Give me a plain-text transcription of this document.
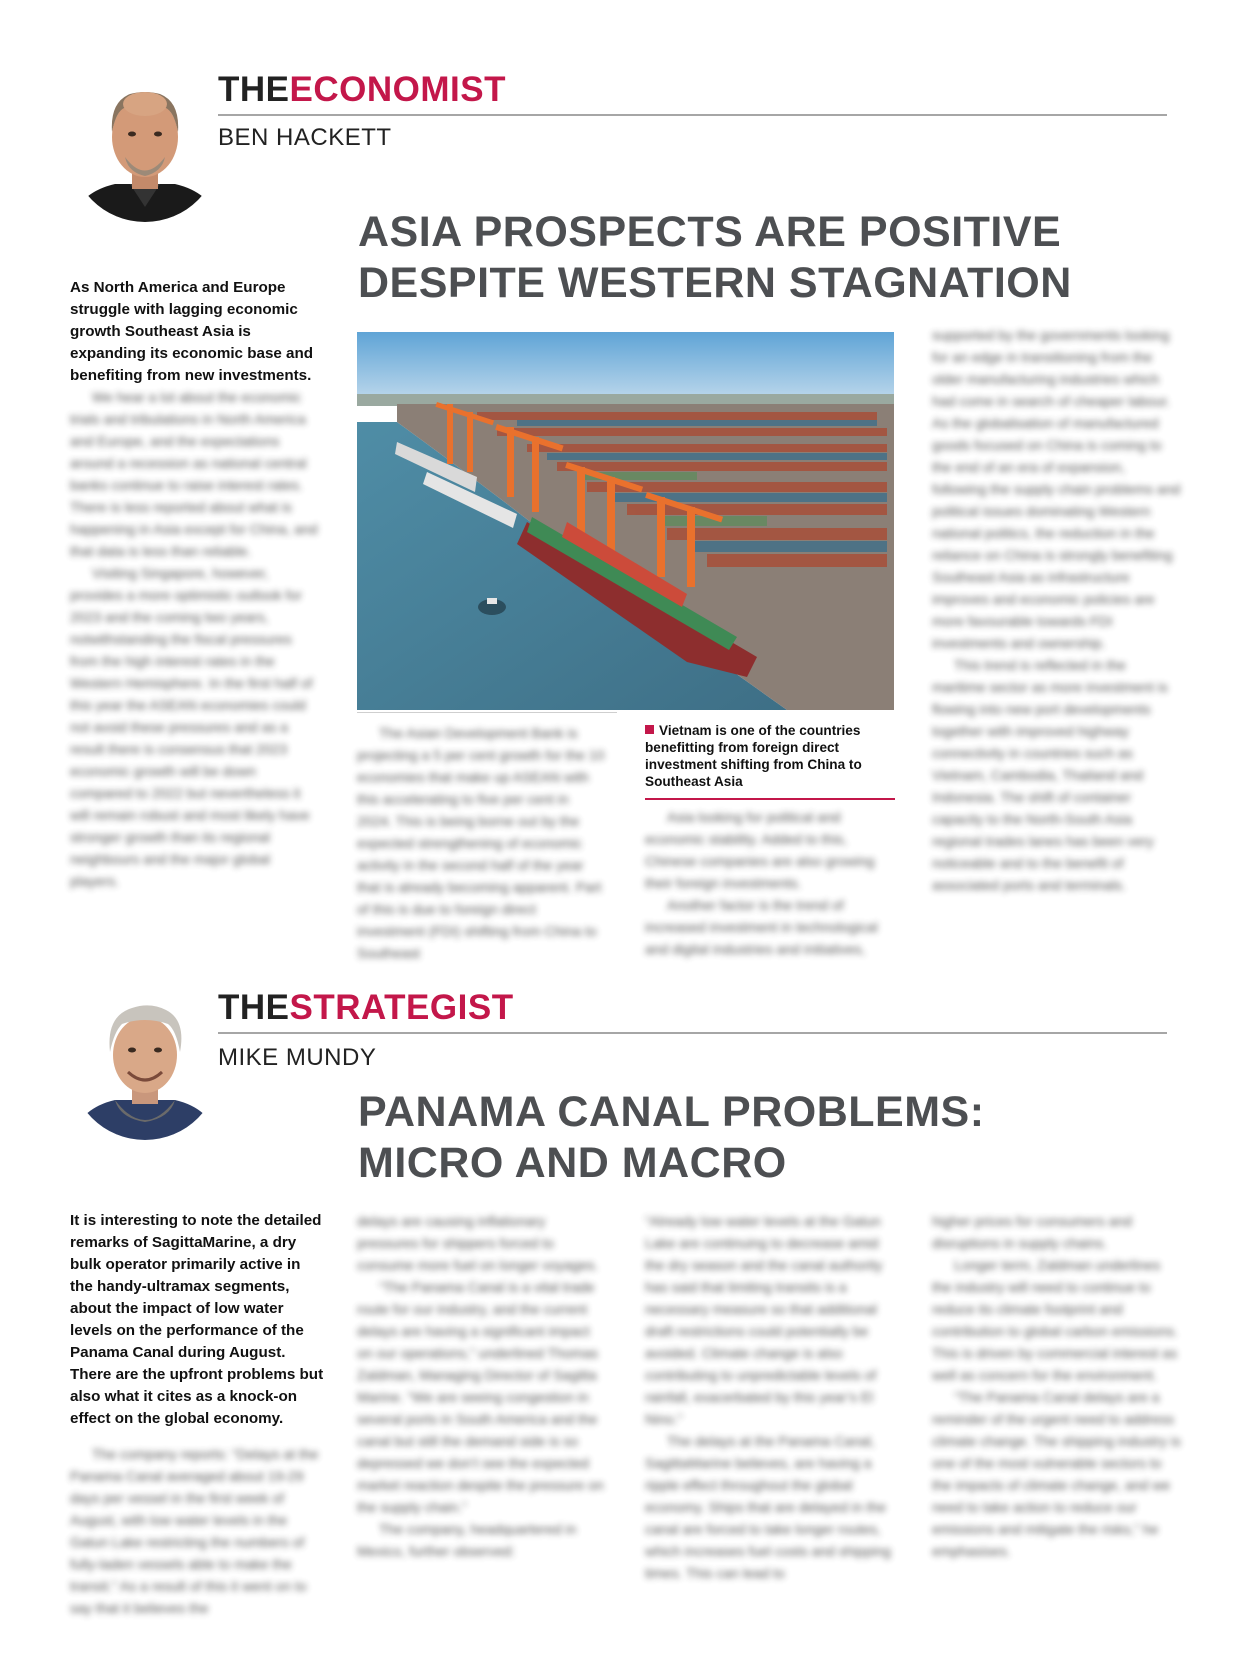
THEECONOMIST
BEN HACKETT
ASIA PROSPECTS ARE POSITIVE
DESPITE WESTERN STAGNATION
As North America and Europe struggle with lagging economic growth Southeast Asia is expanding its economic base and benefiting from new investments.

We hear a lot about the economic trials and tribulations in North America and Europe, and the expectations around a recession as national central banks continue to raise interest rates. There is less reported about what is happening in Asia except for China, and that data is less than reliable.

Visiting Singapore, however, provides a more optimistic outlook for 2023 and the coming two years, notwithstanding the fiscal pressures from the high interest rates in the Western Hemisphere. In the first half of this year the ASEAN economies could not avoid these pressures and as a result there is consensus that 2023 economic growth will be down compared to 2022 but nevertheless it will remain robust and most likely have stronger growth than its regional neighbours and the major global players.

Vietnam is one of the countries benefitting from foreign direct investment shifting from China to Southeast Asia

The Asian Development Bank is projecting a 5 per cent growth for the 10 economies that make up ASEAN with this accelerating to five per cent in 2024. This is being borne out by the expected strengthening of economic activity in the second half of the year that is already becoming apparent. Part of this is due to foreign direct investment (FDI) shifting from China to Southeast

Asia looking for political and economic stability. Added to this, Chinese companies are also growing their foreign investments.

Another factor is the trend of increased investment in technological and digital industries and initiatives,

supported by the governments looking for an edge in transitioning from the older manufacturing industries which had come in search of cheaper labour. As the globalisation of manufactured goods focused on China is coming to the end of an era of expansion, following the supply chain problems and political issues dominating Western national politics, the reduction in the reliance on China is strongly benefiting Southeast Asia as infrastructure improves and economic policies are more favourable towards FDI investments and ownership.

This trend is reflected in the maritime sector as more investment is flowing into new port developments together with improved highway connectivity in countries such as Vietnam, Cambodia, Thailand and Indonesia. The shift of container capacity to the North-South Asia regional trades lanes has been very noticeable and to the benefit of associated ports and terminals.

THESTRATEGIST
MIKE MUNDY
PANAMA CANAL PROBLEMS:
MICRO AND MACRO
It is interesting to note the detailed remarks of SagittaMarine, a dry bulk operator primarily active in the handy-ultramax segments, about the impact of low water levels on the performance of the Panama Canal during August. There are the upfront problems but also what it cites as a knock-on effect on the global economy.

The company reports: “Delays at the Panama Canal averaged about 19-29 days per vessel in the first week of August, with low water levels in the Gatun Lake restricting the numbers of fully-laden vessels able to make the transit.” As a result of this it went on to say that it believes the

delays are causing inflationary pressures for shippers forced to consume more fuel on longer voyages.

“The Panama Canal is a vital trade route for our industry, and the current delays are having a significant impact on our operations,” underlined Thomas Zaldman, Managing Director of Sagitta Marine. “We are seeing congestion in several ports in South America and the canal but still the demand side is so depressed we don’t see the expected market reaction despite the pressure on the supply chain.”

The company, headquartered in Mexico, further observed:

“Already low water levels at the Gatun Lake are continuing to decrease amid the dry season and the canal authority has said that limiting transits is a necessary measure so that additional draft restrictions could potentially be avoided. Climate change is also contributing to unpredictable levels of rainfall, exacerbated by this year’s El Nino.”

The delays at the Panama Canal, SagittaMarine believes, are having a ripple effect throughout the global economy. Ships that are delayed in the canal are forced to take longer routes, which increases fuel costs and shipping times. This can lead to

higher prices for consumers and disruptions in supply chains.

Longer term, Zaldman underlines the industry will need to continue to reduce its climate footprint and contribution to global carbon emissions. This is driven by commercial interest as well as concern for the environment.

“The Panama Canal delays are a reminder of the urgent need to address climate change. The shipping industry is one of the most vulnerable sectors to the impacts of climate change, and we need to take action to reduce our emissions and mitigate the risks,” he emphasises.
